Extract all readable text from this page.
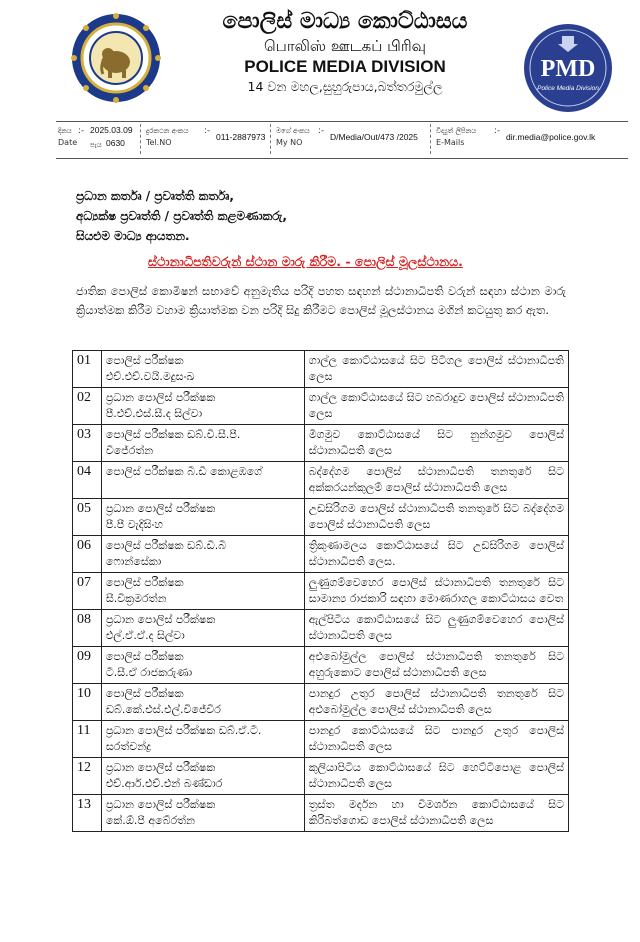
පොලිස් මාධ්‍ය කොට්ඨාසය
பொலிஸ் ஊடகப் பிரிவு
POLICE MEDIA DIVISION
14 වන මහල,සුහුරුපාය,බත්තරමුල්ල
PMD
Police Media Division
දිනය
Date
:- 2025.03.09
පැය 0630
දුරකථන අංකය
Tel.NO
:-
011-2887973
මගේ අංකය
My NO
:-
D/Media/Out/473 /2025
විද්‍යුත් ලිපිනය
E-Mails
:-
dir.media@police.gov.lk
ප්‍රධාන කර්තෘ / ප්‍රවෘත්ති කර්තෘ,
අධ්‍යක්ෂ ප්‍රවෘත්ති / ප්‍රවෘත්ති කළමණාකරු,
සියළුම මාධ්‍ය ආයතන.
ස්ථානාධිපතිවරුන් ස්ථාන මාරු කිරීම. - පොලිස් මූලස්ථානය.
ජාතික පොලිස් කොමිෂන් සභාවේ අනුමැතිය පරිදි පහත සඳහන් ස්ථානාධිපති වරුන් සඳහා ස්ථාන මාරු ක්‍රියාත්මක කිරීම වහාම ක්‍රියාත්මක වන පරිදි සිදු කිරීමට පොලිස් මූලස්ථානය මගින් කටයුතු කර ඇත.
01	පොලිස් පරීක්ෂක
එච්.එච්.වයි.මදුසංඛ	ගාල්ල කොට්ඨාසයේ සිට පිටිගල පොලිස් ස්ථානාධිපති ලෙස
02	ප්‍රධාන පොලිස් පරීක්ෂක
පී.එච්.එස්.සී.ද සිල්වා	ගාල්ල කොට්ඨාසයේ සිට හබරාදුව පොලිස් ස්ථානාධිපති ලෙස
03	පොලිස් පරීක්ෂක ඩබ්.වී.සී.පී.
විජේරත්න	මීගමුව කොට්ඨාසයේ සිට නුන්ගමුව පොලිස් ස්ථානාධිපති ලෙස
04	පොලිස් පරීක්ෂක බී.ඩී කොළඹගේ	බද්දේගම පොලිස් ස්ථානාධිපති තනතුරේ සිට අක්කරයන්කුලම් පොලිස් ස්ථානාධිපති ලෙස
05	ප්‍රධාන පොලිස් පරීක්ෂක
පී.පී වැදිසිංහ	උඩසිරිගම පොලිස් ස්ථානාධිපති තනතුරේ සිට බද්දේගම පොලිස් ස්ථානාධිපති ලෙස
06	පොලිස් පරීක්ෂක ඩබ්.ඩී.බී
ෆොන්සේකා	ත්‍රිකුණාමලය කොට්ඨාසයේ සිට උඩසිරිගම පොලිස් ස්ථානාධිපති ලෙස.
07	පොලිස් පරීක්ෂක
සී.වික්‍රමරත්න	ලුණුගම්වෙහෙර පොලිස් ස්ථානාධිපති තනතුරේ සිට සාමාන්‍ය රාජකාරි සඳහා මොණරාගල කොට්ඨාසය වෙත
08	ප්‍රධාන පොලිස් පරීක්ෂක
එල්.ඒ.ඒ.ද සිල්වා	ඇල්පිටිය කොට්ඨාසයේ සිට ලුණුගම්වෙහෙර පොලිස් ස්ථානාධිපති ලෙස
09	පොලිස් පරීක්ෂක
ටී.සී.ඒ රාජකරුණා	අළුබෝමුල්ල පොලිස් ස්ථානාධිපති තනතුරේ සිට අහුරුකොට පොලිස් ස්ථානාධිපති ලෙස
10	පොලිස් පරීක්ෂක
ඩබ්.කේ.එස්.එල්.විජේවීර	පානදුර උතුර පොලිස් ස්ථානාධිපති තනතුරේ සිට අළුබෝමුල්ල පොලිස් ස්ථානාධිපති ලෙස
11	ප්‍රධාන පොලිස් පරීක්ෂක ඩබ්.ඒ.ටී.
සරත්චන්ද්‍ර	පානදුර කොට්ඨාසයේ සිට පානදුර උතුර පොලිස් ස්ථානාධිපති ලෙස
12	ප්‍රධාන පොලිස් පරීක්ෂක
එච්.ආර්.එච්.එන් බණ්ඩාර	කුලියාපිටිය කොට්ඨාසයේ සිට හෙට්ටිපොළ පොලිස් ස්ථානාධිපති ලෙස
13	ප්‍රධාන පොලිස් පරීක්ෂක
කේ.ඕ.පී අබේරත්න	ත්‍රස්ත මර්දන හා විමර්ශන කොට්ඨාසයේ සිට කිරිබත්ගොඩ පොලිස් ස්ථානාධිපති ලෙස
